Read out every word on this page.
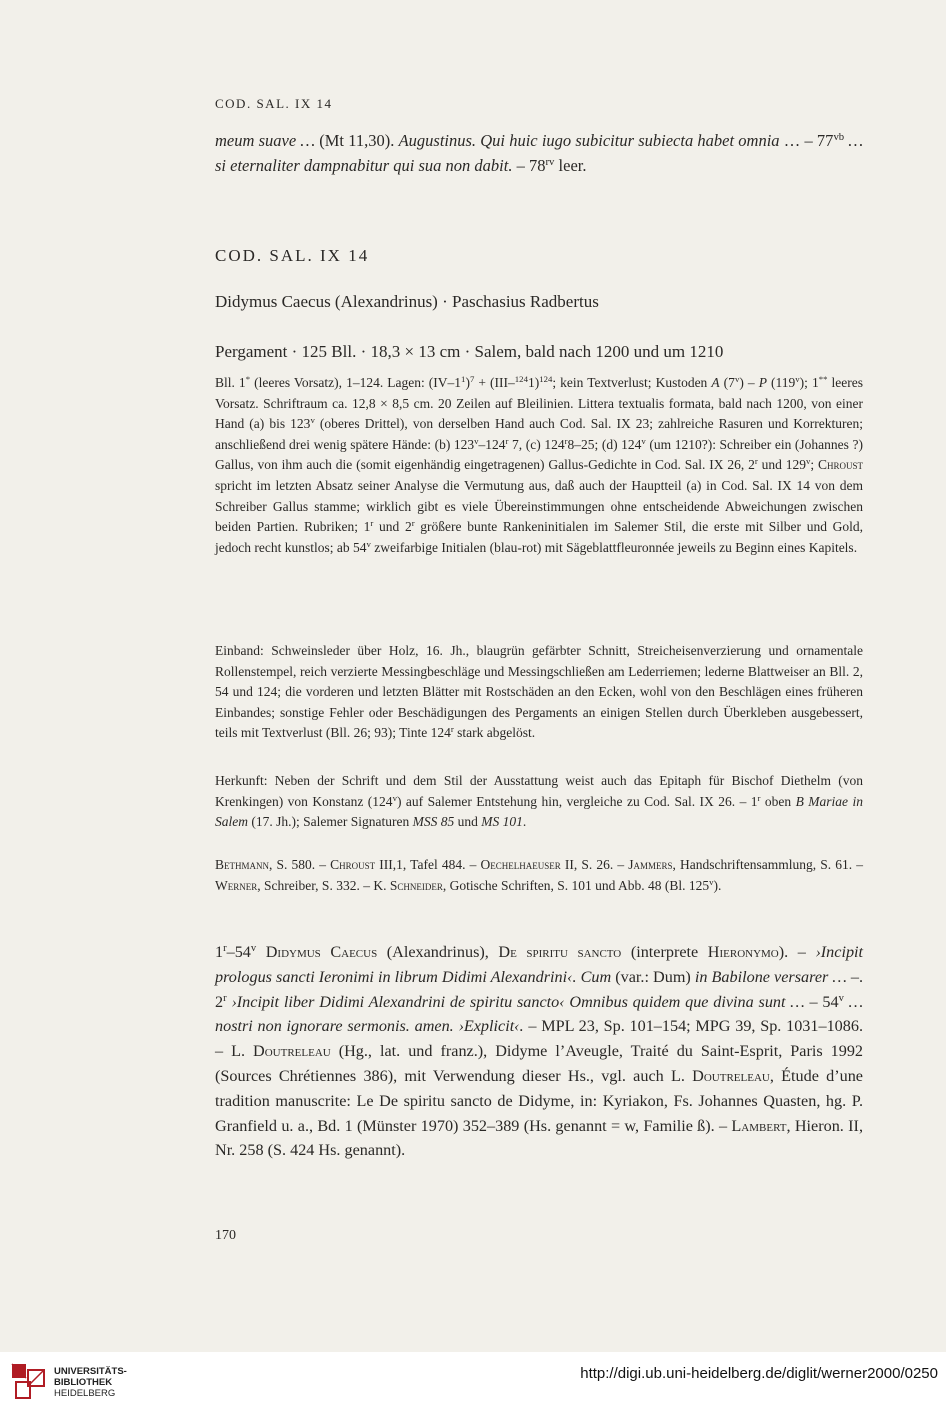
COD. SAL. IX 14

meum suave … (Mt 11,30). Augustinus. Qui huic iugo subicitur subiecta habet omnia … – $77^{vb}$ … si eternaliter dampnabitur qui sua non dabit. – $78^{rv}$ leer.

COD. SAL. IX 14
Didymus Caecus (Alexandrinus) · Paschasius Radbertus
Pergament · 125 Bll. · 18,3 × 13 cm · Salem, bald nach 1200 und um 1210

Bll. 1* (leeres Vorsatz), 1–124. Lagen: $(IV-1^1)^7 + (III-^{124}1)^{124}$; kein Textverlust; Kustoden A (7$^v$) – P (119$^v$); 1** leeres Vorsatz. Schriftraum ca. 12,8 × 8,5 cm. 20 Zeilen auf Bleilinien. Littera textualis formata, bald nach 1200, von einer Hand (a) bis 123$^v$ (oberes Drittel), von derselben Hand auch Cod. Sal. IX 23; zahlreiche Rasuren und Korrekturen; anschließend drei wenig spätere Hände: (b) 123$^v$–124$^r$ 7, (c) 124$^r$8–25; (d) 124$^v$ (um 1210?): Schreiber ein (Johannes ?) Gallus, von ihm auch die (somit eigenhändig eingetragenen) Gallus-Gedichte in Cod. Sal. IX 26, 2$^r$ und 129$^v$; Chroust spricht im letzten Absatz seiner Analyse die Vermutung aus, daß auch der Hauptteil (a) in Cod. Sal. IX 14 von dem Schreiber Gallus stamme; wirklich gibt es viele Übereinstimmungen ohne entscheidende Abweichungen zwischen beiden Partien. Rubriken; 1$^r$ und 2$^r$ größere bunte Rankeninitialen im Salemer Stil, die erste mit Silber und Gold, jedoch recht kunstlos; ab 54$^v$ zweifarbige Initialen (blau-rot) mit Sägeblattfleuronnée jeweils zu Beginn eines Kapitels.

Einband: Schweinsleder über Holz, 16. Jh., blaugrün gefärbter Schnitt, Streicheisenverzierung und ornamentale Rollenstempel, reich verzierte Messingbeschläge und Messingschließen am Lederriemen; lederne Blattweiser an Bll. 2, 54 und 124; die vorderen und letzten Blätter mit Rostschäden an den Ecken, wohl von den Beschlägen eines früheren Einbandes; sonstige Fehler oder Beschädigungen des Pergaments an einigen Stellen durch Überkleben ausgebessert, teils mit Textverlust (Bll. 26; 93); Tinte 124$^r$ stark abgelöst.

Herkunft: Neben der Schrift und dem Stil der Ausstattung weist auch das Epitaph für Bischof Diethelm (von Krenkingen) von Konstanz (124$^v$) auf Salemer Entstehung hin, vergleiche zu Cod. Sal. IX 26. – 1$^r$ oben B Mariae in Salem (17. Jh.); Salemer Signaturen MSS 85 und MS 101.

Bethmann, S. 580. – Chroust III,1, Tafel 484. – Oechelhaeuser II, S. 26. – Jammers, Handschriftensammlung, S. 61. – Werner, Schreiber, S. 332. – K. Schneider, Gotische Schriften, S. 101 und Abb. 48 (Bl. 125$^v$).

1$^r$–54$^v$ Didymus Caecus (Alexandrinus), De spiritu sancto (interprete Hieronymo). – ›Incipit prologus sancti Ieronimi in librum Didimi Alexandrini‹. Cum (var.: Dum) in Babilone versarer … –. 2$^r$ ›Incipit liber Didimi Alexandrini de spiritu sancto‹ Omnibus quidem que divina sunt … – 54$^v$ … nostri non ignorare sermonis. amen. ›Explicit‹. – MPL 23, Sp. 101–154; MPG 39, Sp. 1031–1086. – L. Doutreleau (Hg., lat. und franz.), Didyme l’Aveugle, Traité du Saint-Esprit, Paris 1992 (Sources Chrétiennes 386), mit Verwendung dieser Hs., vgl. auch L. Doutreleau, Étude d’une tradition manuscrite: Le De spiritu sancto de Didyme, in: Kyriakon, Fs. Johannes Quasten, hg. P. Granfield u. a., Bd. 1 (Münster 1970) 352–389 (Hs. genannt = w, Familie ß). – Lambert, Hieron. II, Nr. 258 (S. 424 Hs. genannt).

170
UNIVERSITÄTS-
BIBLIOTHEK
HEIDELBERG
http://digi.ub.uni-heidelberg.de/diglit/werner2000/0250
